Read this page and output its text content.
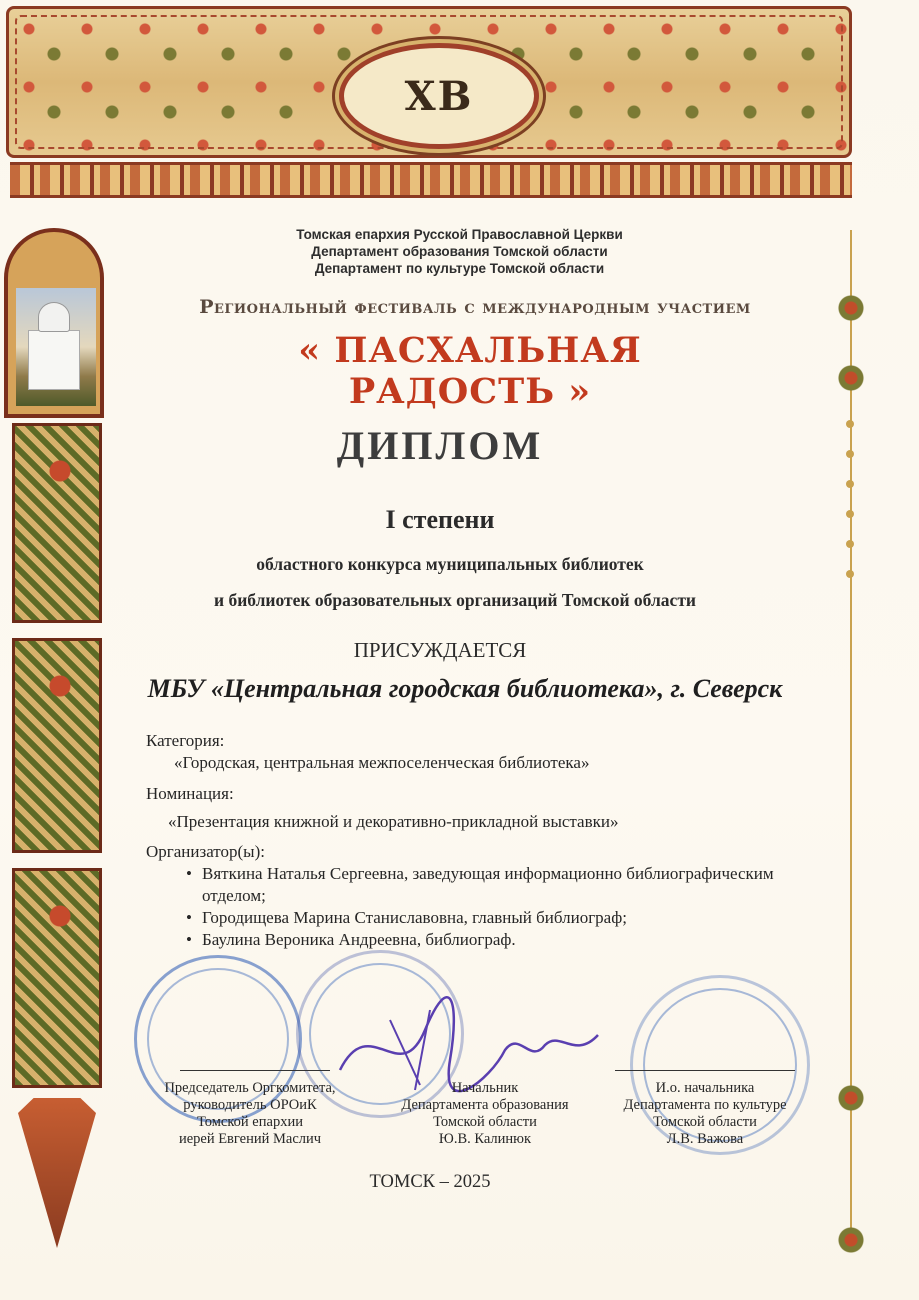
ХВ
Томская епархия Русской Православной Церкви
Департамент образования Томской области
Департамент по культуре Томской области
Региональный фестиваль с международным участием
« ПАСХАЛЬНАЯ РАДОСТЬ »
ДИПЛОМ
I степени
областного конкурса муниципальных библиотек
и библиотек образовательных организаций Томской области
ПРИСУЖДАЕТСЯ
МБУ «Центральная городская библиотека», г. Северск

Категория:

«Городская, центральная межпоселенческая библиотека»

Номинация:

«Презентация книжной и декоративно-прикладной выставки»

Организатор(ы):

• Вяткина Наталья Сергеевна, заведующая информационно библиографическим отделом;
• Городищева Марина Станиславовна, главный библиограф;
• Баулина Вероника Андреевна, библиограф.
Председатель Оргкомитета,
руководитель ОРОиК
Томской епархии
иерей Евгений Маслич
Начальник
Департамента образования
Томской области
Ю.В. Калинюк
И.о. начальника
Департамента по культуре
Томской области
Л.В. Важова
ТОМСК – 2025
